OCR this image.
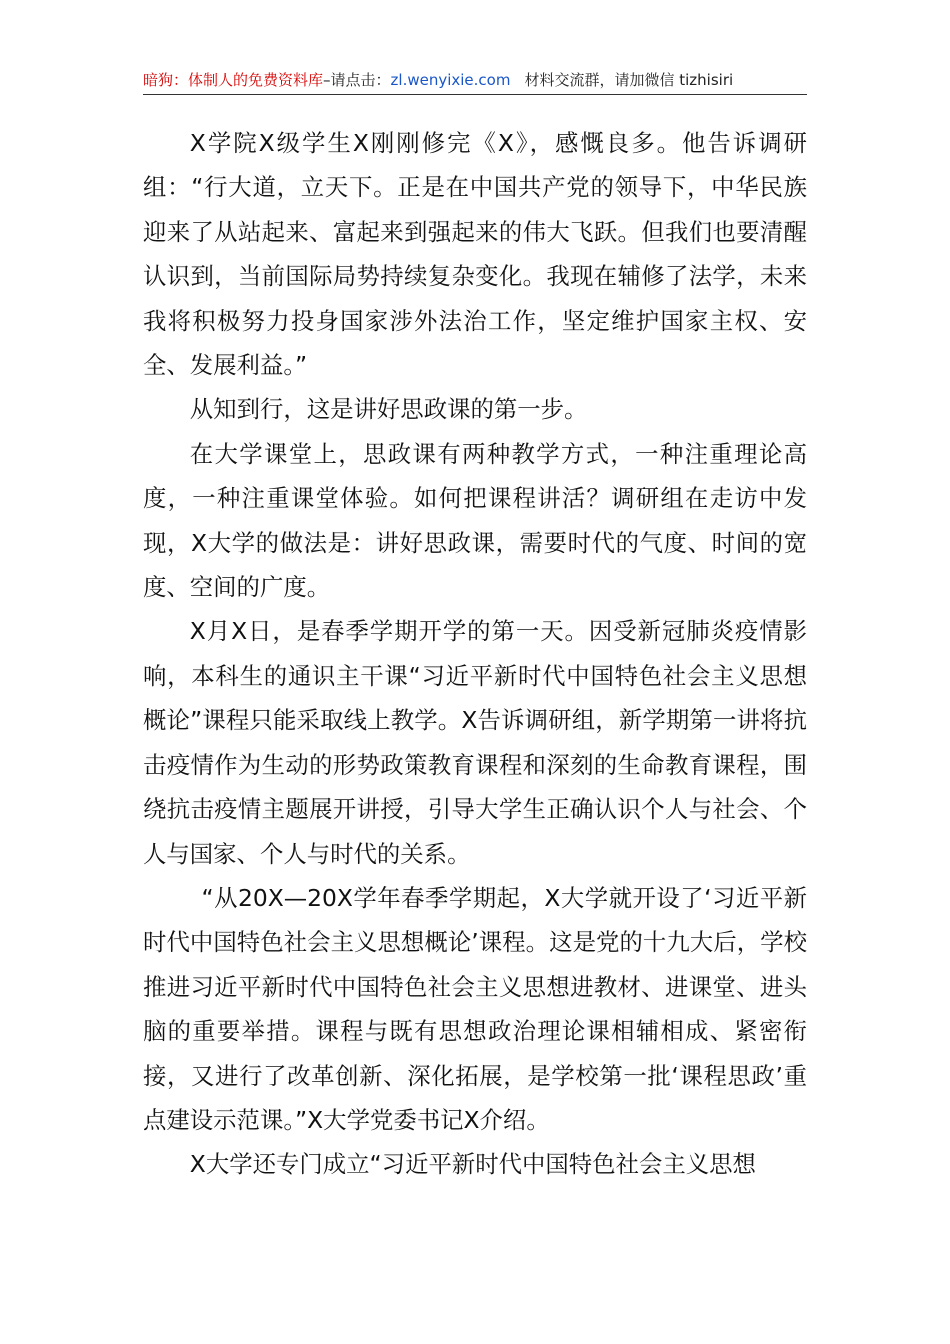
暗狗：体制人的免费资料库–请点击：zl.wenyixie.com 材料交流群，请加微信 tizhisiri

X学院X级学生X刚刚修完《X》，感慨良多。他告诉调研组：“行大道，立天下。正是在中国共产党的领导下，中华民族迎来了从站起来、富起来到强起来的伟大飞跃。但我们也要清醒认识到，当前国际局势持续复杂变化。我现在辅修了法学，未来我将积极努力投身国家涉外法治工作，坚定维护国家主权、安全、发展利益。”

从知到行，这是讲好思政课的第一步。

在大学课堂上，思政课有两种教学方式，一种注重理论高度，一种注重课堂体验。如何把课程讲活？调研组在走访中发现，X大学的做法是：讲好思政课，需要时代的气度、时间的宽度、空间的广度。

X月X日，是春季学期开学的第一天。因受新冠肺炎疫情影响，本科生的通识主干课“习近平新时代中国特色社会主义思想概论”课程只能采取线上教学。X告诉调研组，新学期第一讲将抗击疫情作为生动的形势政策教育课程和深刻的生命教育课程，围绕抗击疫情主题展开讲授，引导大学生正确认识个人与社会、个人与国家、个人与时代的关系。

“从20X—20X学年春季学期起，X大学就开设了‘习近平新时代中国特色社会主义思想概论’课程。这是党的十九大后，学校推进习近平新时代中国特色社会主义思想进教材、进课堂、进头脑的重要举措。课程与既有思想政治理论课相辅相成、紧密衔接，又进行了改革创新、深化拓展，是学校第一批‘课程思政’重点建设示范课。”X大学党委书记X介绍。

X大学还专门成立“习近平新时代中国特色社会主义思想
